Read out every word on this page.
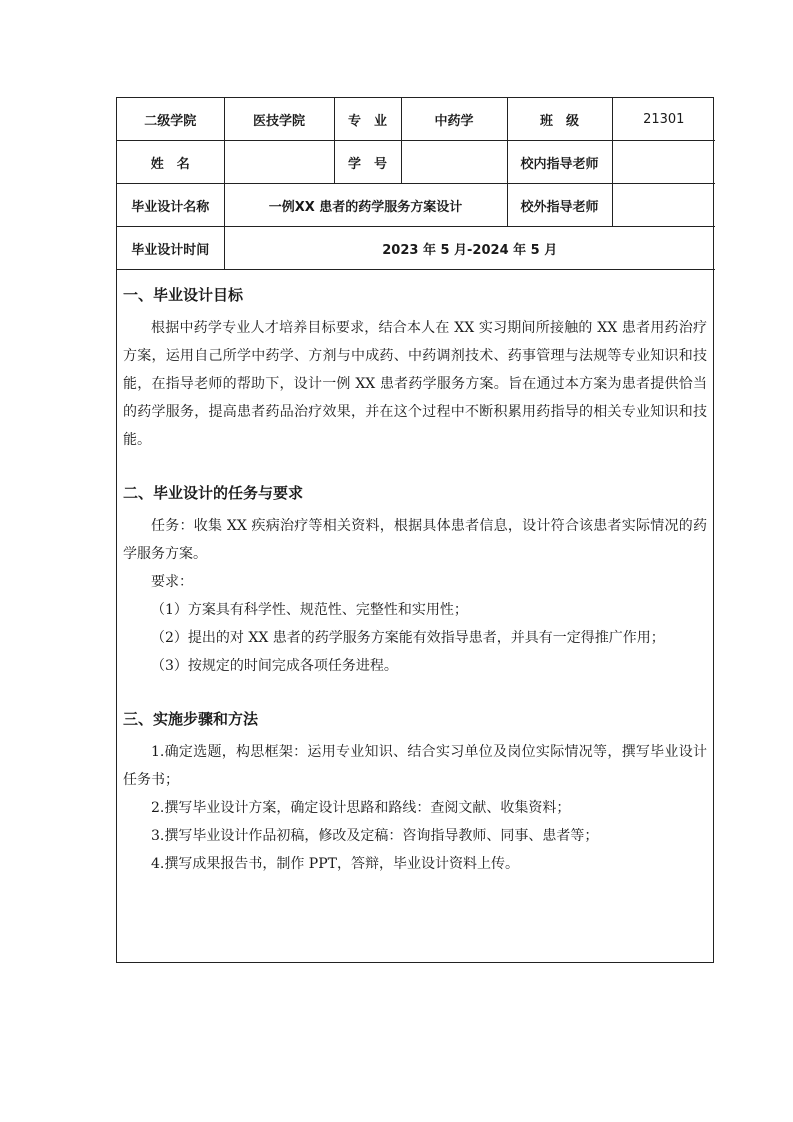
二级学院	医技学院	专　业	中药学	班　级	21301
姓　名		学　号		校内指导老师	
毕业设计名称	一例XX 患者的药学服务方案设计			校外指导老师	
毕业设计时间	2023 年 5 月-2024 年 5 月				
一、毕业设计目标

根据中药学专业人才培养目标要求，结合本人在 XX 实习期间所接触的 XX 患者用药治疗方案，运用自己所学中药学、方剂与中成药、中药调剂技术、药事管理与法规等专业知识和技能，在指导老师的帮助下，设计一例 XX 患者药学服务方案。旨在通过本方案为患者提供恰当的药学服务，提高患者药品治疗效果，并在这个过程中不断积累用药指导的相关专业知识和技能。

二、毕业设计的任务与要求

任务：收集 XX 疾病治疗等相关资料，根据具体患者信息，设计符合该患者实际情况的药学服务方案。

要求：

（1）方案具有科学性、规范性、完整性和实用性；

（2）提出的对 XX 患者的药学服务方案能有效指导患者，并具有一定得推广作用；

（3）按规定的时间完成各项任务进程。

三、实施步骤和方法

1.确定选题，构思框架：运用专业知识、结合实习单位及岗位实际情况等，撰写毕业设计任务书；

2.撰写毕业设计方案，确定设计思路和路线：查阅文献、收集资料；

3.撰写毕业设计作品初稿，修改及定稿：咨询指导教师、同事、患者等；

4.撰写成果报告书，制作 PPT，答辩，毕业设计资料上传。
